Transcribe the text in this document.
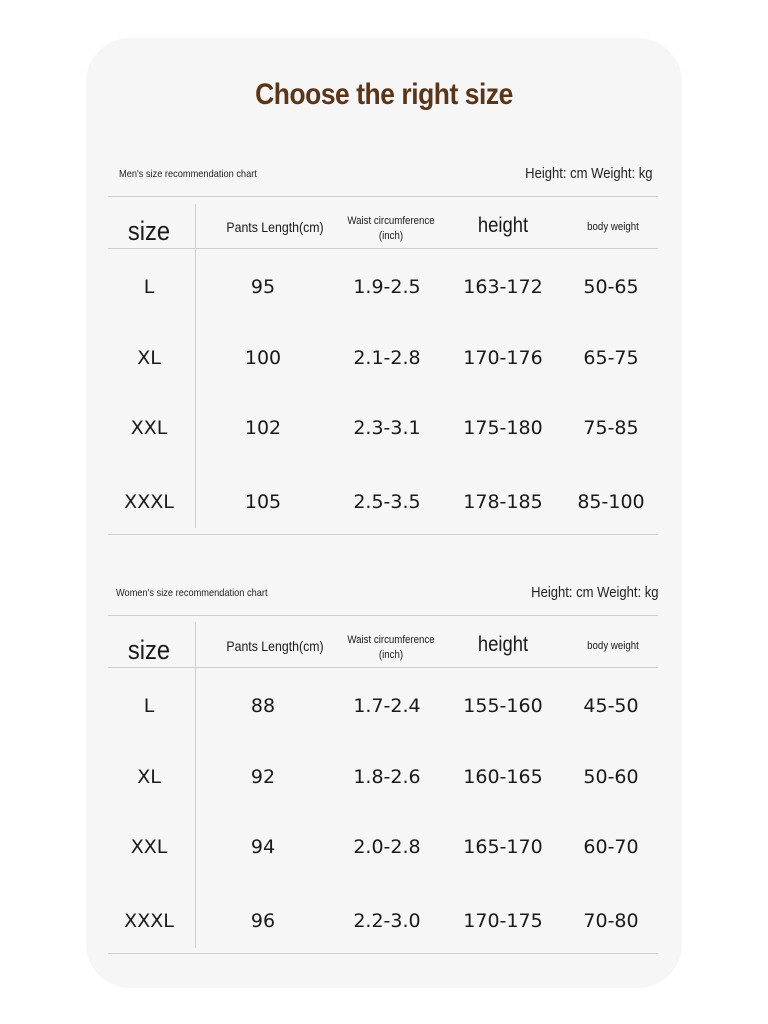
Choose the right size
Men's size recommendation chart	Height: cm Weight: kg
size	Pants Length(cm)	Waist circumference
(inch)	height	body weight
L	95	1.9-2.5	163-172	50-65
XL	100	2.1-2.8	170-176	65-75
XXL	102	2.3-3.1	175-180	75-85
XXXL	105	2.5-3.5	178-185	85-100
Women's size recommendation chart	Height: cm Weight: kg
size	Pants Length(cm)	Waist circumference
(inch)	height	body weight
L	88	1.7-2.4	155-160	45-50
XL	92	1.8-2.6	160-165	50-60
XXL	94	2.0-2.8	165-170	60-70
XXXL	96	2.2-3.0	170-175	70-80
